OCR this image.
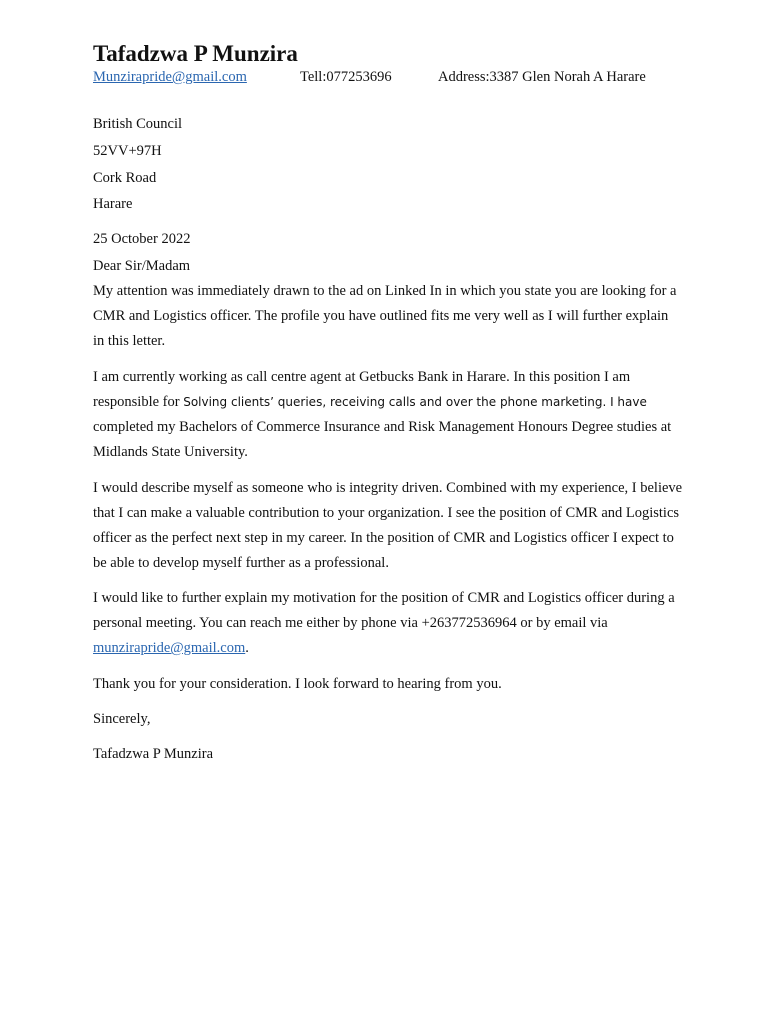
Tafadzwa P Munzira
Munzirapride@gmail.com	Tell:077253696	Address:3387 Glen Norah A Harare

British Council

52VV+97H

Cork Road

Harare

25 October 2022

Dear Sir/Madam

My attention was immediately drawn to the ad on Linked In in which you state you are looking for a CMR and Logistics officer. The profile you have outlined fits me very well as I will further explain in this letter.

I am currently working as call centre agent at Getbucks Bank in Harare. In this position I am responsible for Solving clients’ queries, receiving calls and over the phone marketing. I have completed my Bachelors of Commerce Insurance and Risk Management Honours Degree studies at Midlands State University.

I would describe myself as someone who is integrity driven. Combined with my experience, I believe that I can make a valuable contribution to your organization. I see the position of CMR and Logistics officer as the perfect next step in my career. In the position of CMR and Logistics officer I expect to be able to develop myself further as a professional.

I would like to further explain my motivation for the position of CMR and Logistics officer during a personal meeting. You can reach me either by phone via +263772536964 or by email via munzirapride@gmail.com.

Thank you for your consideration. I look forward to hearing from you.

Sincerely,

Tafadzwa P Munzira
